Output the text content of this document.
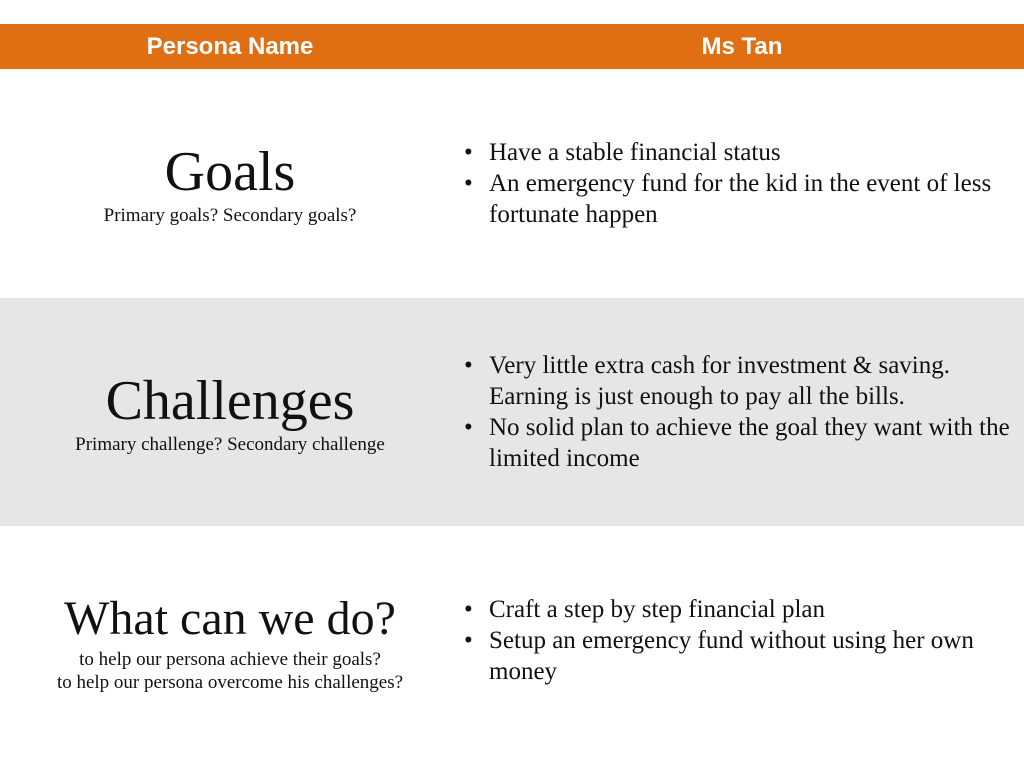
Persona Name	Ms Tan
Goals
Primary goals? Secondary goals?
• Have a stable financial status
• An emergency fund for the kid in the event of less fortunate happen
Challenges
Primary challenge? Secondary challenge
• Very little extra cash for investment & saving. Earning is just enough to pay all the bills.
• No solid plan to achieve the goal they want with the limited income
What can we do?
to help our persona achieve their goals?
to help our persona overcome his challenges?
• Craft a step by step financial plan
• Setup an emergency fund without using her own money
